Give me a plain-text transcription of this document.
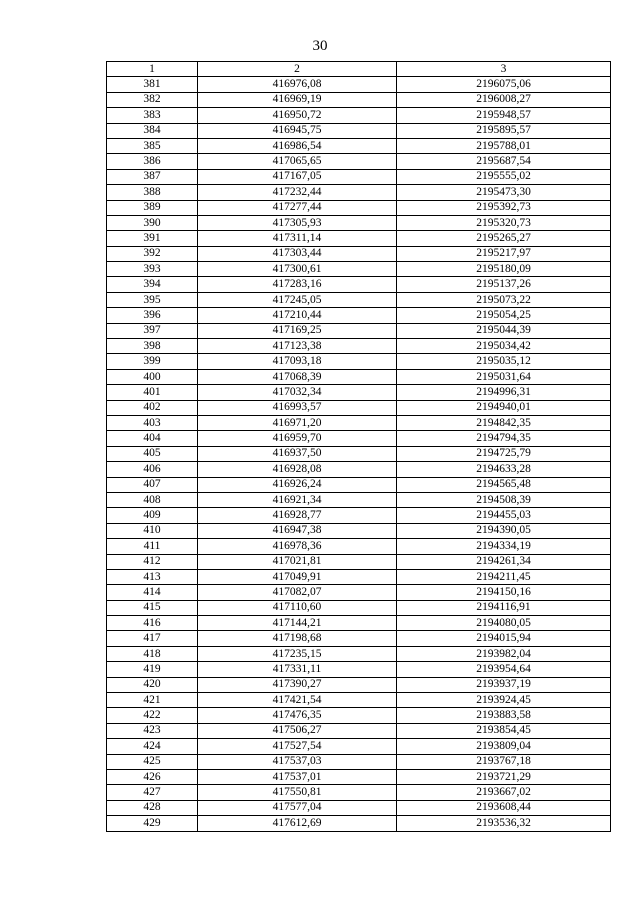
30
1	2	3
381	416976,08	2196075,06
382	416969,19	2196008,27
383	416950,72	2195948,57
384	416945,75	2195895,57
385	416986,54	2195788,01
386	417065,65	2195687,54
387	417167,05	2195555,02
388	417232,44	2195473,30
389	417277,44	2195392,73
390	417305,93	2195320,73
391	417311,14	2195265,27
392	417303,44	2195217,97
393	417300,61	2195180,09
394	417283,16	2195137,26
395	417245,05	2195073,22
396	417210,44	2195054,25
397	417169,25	2195044,39
398	417123,38	2195034,42
399	417093,18	2195035,12
400	417068,39	2195031,64
401	417032,34	2194996,31
402	416993,57	2194940,01
403	416971,20	2194842,35
404	416959,70	2194794,35
405	416937,50	2194725,79
406	416928,08	2194633,28
407	416926,24	2194565,48
408	416921,34	2194508,39
409	416928,77	2194455,03
410	416947,38	2194390,05
411	416978,36	2194334,19
412	417021,81	2194261,34
413	417049,91	2194211,45
414	417082,07	2194150,16
415	417110,60	2194116,91
416	417144,21	2194080,05
417	417198,68	2194015,94
418	417235,15	2193982,04
419	417331,11	2193954,64
420	417390,27	2193937,19
421	417421,54	2193924,45
422	417476,35	2193883,58
423	417506,27	2193854,45
424	417527,54	2193809,04
425	417537,03	2193767,18
426	417537,01	2193721,29
427	417550,81	2193667,02
428	417577,04	2193608,44
429	417612,69	2193536,32
